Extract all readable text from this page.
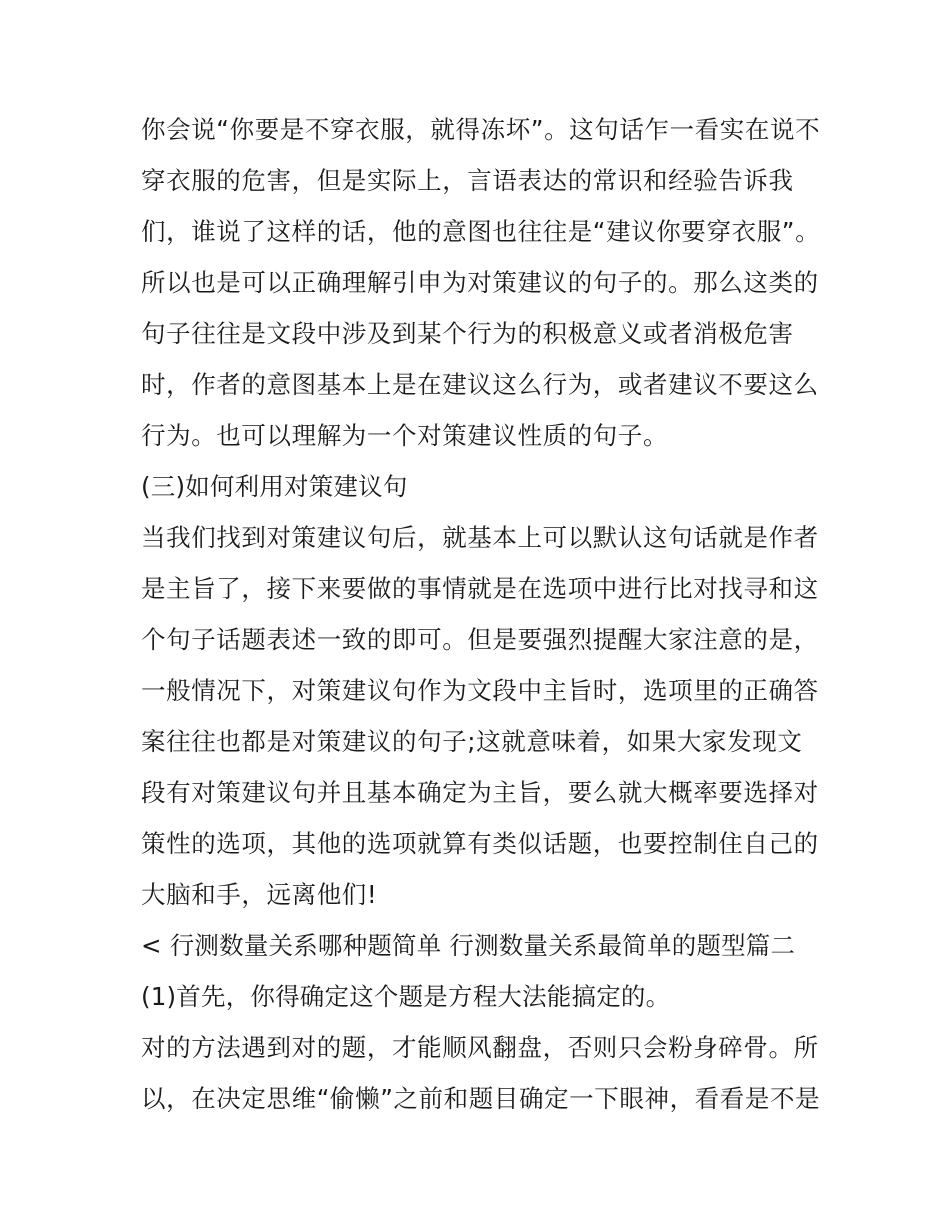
你会说“你要是不穿衣服，就得冻坏”。这句话乍一看实在说不
穿衣服的危害，但是实际上，言语表达的常识和经验告诉我
们，谁说了这样的话，他的意图也往往是“建议你要穿衣服”。
所以也是可以正确理解引申为对策建议的句子的。那么这类的
句子往往是文段中涉及到某个行为的积极意义或者消极危害
时，作者的意图基本上是在建议这么行为，或者建议不要这么
行为。也可以理解为一个对策建议性质的句子。
(三)如何利用对策建议句
当我们找到对策建议句后，就基本上可以默认这句话就是作者
是主旨了，接下来要做的事情就是在选项中进行比对找寻和这
个句子话题表述一致的即可。但是要强烈提醒大家注意的是，
一般情况下，对策建议句作为文段中主旨时，选项里的正确答
案往往也都是对策建议的句子;这就意味着，如果大家发现文
段有对策建议句并且基本确定为主旨，要么就大概率要选择对
策性的选项，其他的选项就算有类似话题，也要控制住自己的
大脑和手，远离他们!
< 行测数量关系哪种题简单 行测数量关系最简单的题型篇二
(1)首先，你得确定这个题是方程大法能搞定的。
对的方法遇到对的题，才能顺风翻盘，否则只会粉身碎骨。所
以，在决定思维“偷懒”之前和题目确定一下眼神，看看是不是
